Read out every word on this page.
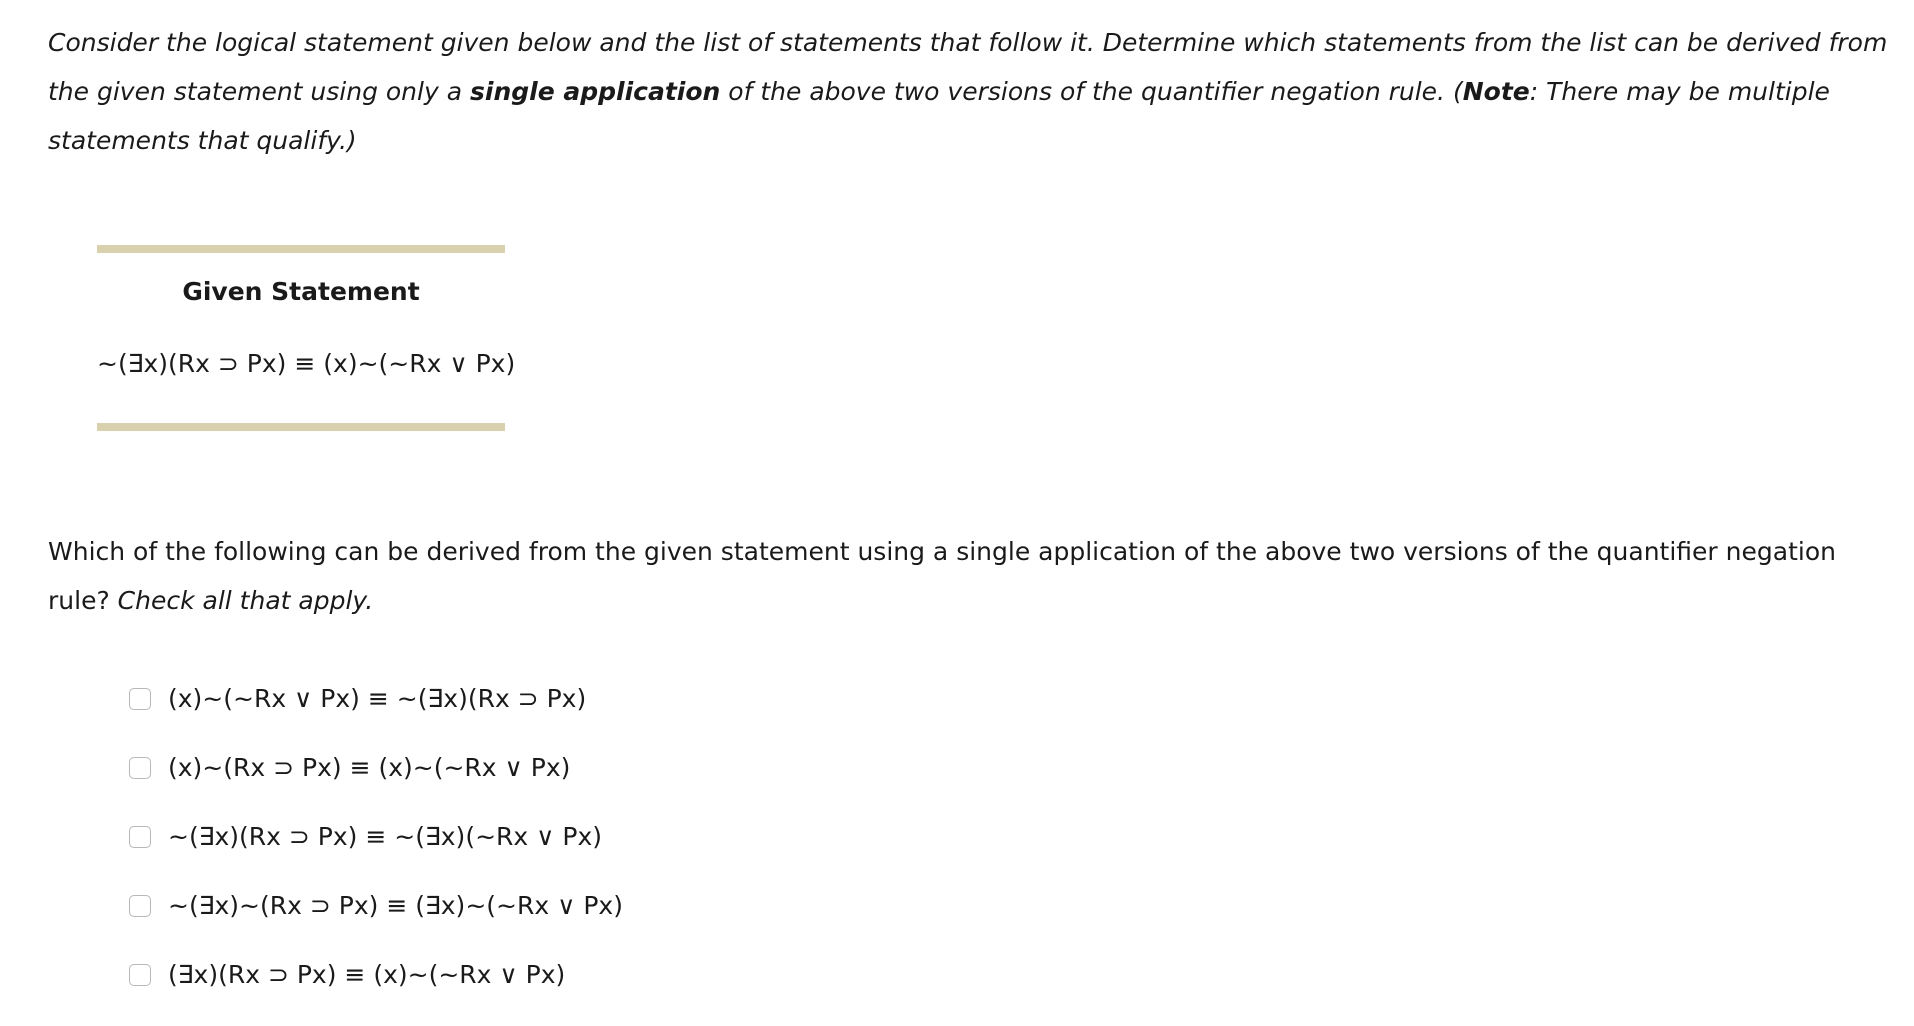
Consider the logical statement given below and the list of statements that follow it. Determine which statements from the list can be derived from the given statement using only a single application of the above two versions of the quantifier negation rule. (Note: There may be multiple statements that qualify.)

Given Statement
~(∃x)(Rx ⊃ Px) ≡ (x)~(~Rx ∨ Px)

Which of the following can be derived from the given statement using a single application of the above two versions of the quantifier negation rule? Check all that apply.

(x)~(~Rx ∨ Px) ≡ ~(∃x)(Rx ⊃ Px)
(x)~(Rx ⊃ Px) ≡ (x)~(~Rx ∨ Px)
~(∃x)(Rx ⊃ Px) ≡ ~(∃x)(~Rx ∨ Px)
~(∃x)~(Rx ⊃ Px) ≡ (∃x)~(~Rx ∨ Px)
(∃x)(Rx ⊃ Px) ≡ (x)~(~Rx ∨ Px)
